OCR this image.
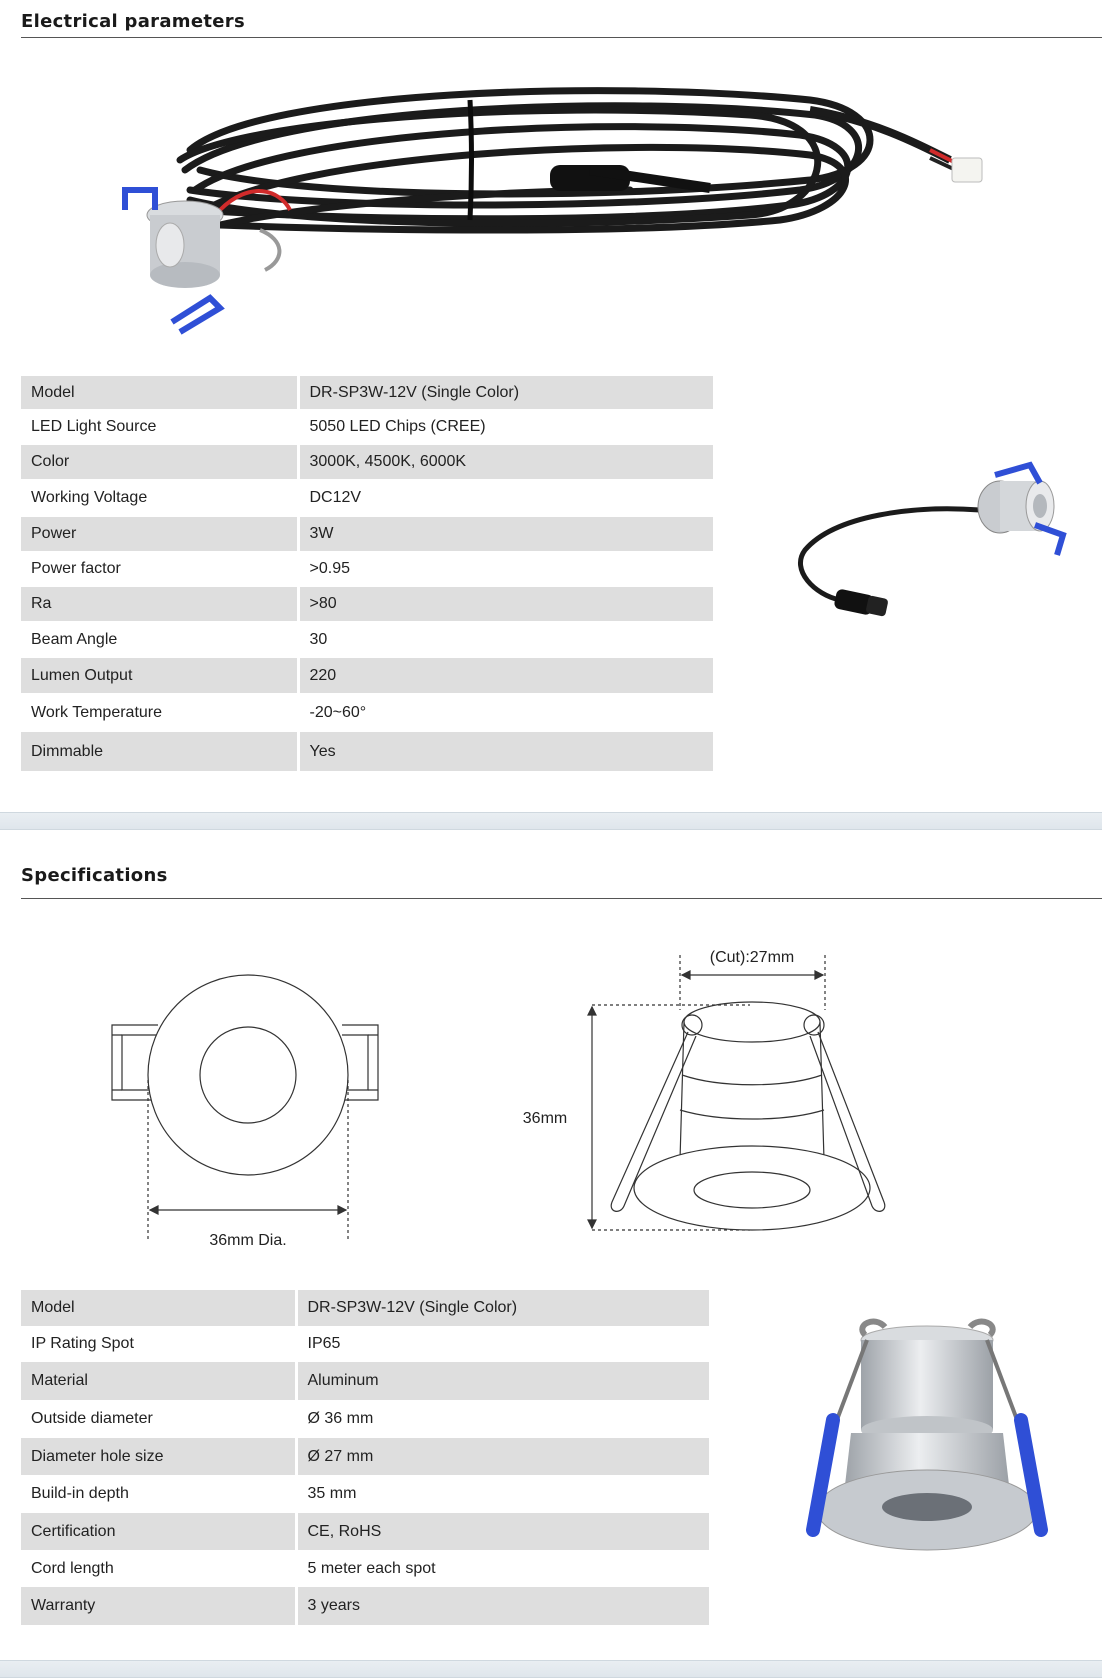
Electrical parameters
Model	DR-SP3W-12V (Single Color)
LED Light Source	5050 LED Chips (CREE)
Color	3000K, 4500K, 6000K
Working Voltage	DC12V
Power	3W
Power factor	>0.95
Ra	>80
Beam Angle	30
Lumen Output	220
Work Temperature	-20~60°
Dimmable	Yes
Specifications
36mm Dia.
(Cut):27mm
36mm
Model	DR-SP3W-12V (Single Color)
IP Rating Spot	IP65
Material	Aluminum
Outside diameter	Ø 36 mm
Diameter hole size	Ø 27 mm
Build-in depth	35 mm
Certification	CE, RoHS
Cord length	5 meter each spot
Warranty	3 years
